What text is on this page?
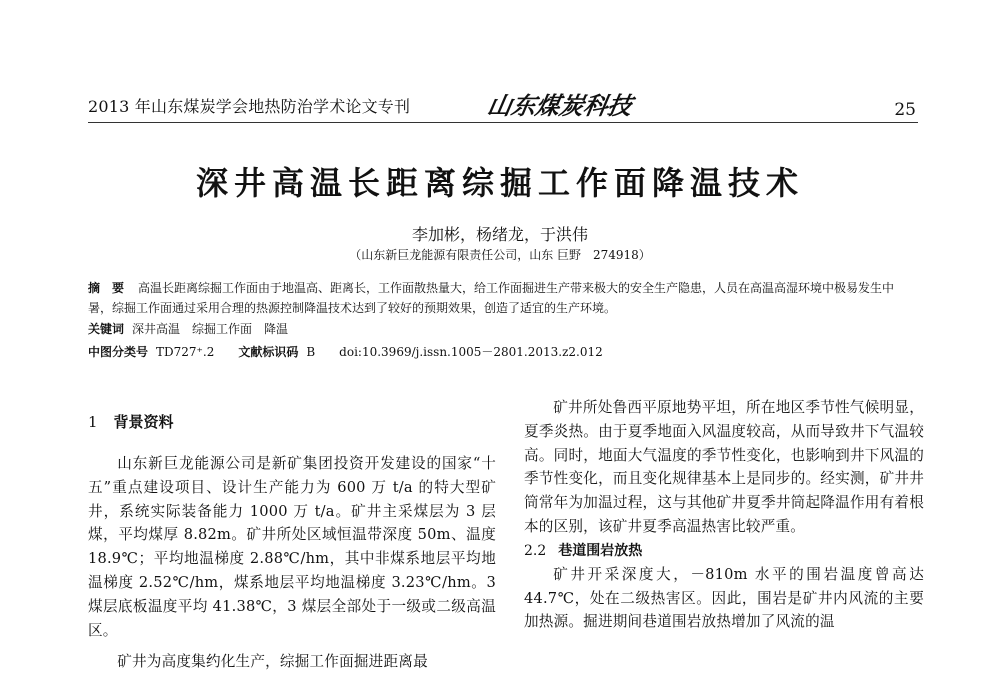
2013 年山东煤炭学会地热防治学术论文专刊	山东煤炭科技	25
深井高温长距离综掘工作面降温技术
李加彬，杨绪龙，于洪伟
（山东新巨龙能源有限责任公司，山东 巨野　274918）
摘　要 高温长距离综掘工作面由于地温高、距离长，工作面散热量大，给工作面掘进生产带来极大的安全生产隐患，人员在高温高湿环境中极易发生中暑，综掘工作面通过采用合理的热源控制降温技术达到了较好的预期效果，创造了适宜的生产环境。
关键词 深井高温　综掘工作面　降温
中图分类号 TD727⁺.2 文献标识码 B doi:10.3969/j.issn.1005－2801.2013.z2.012
1 背景资料

山东新巨龙能源公司是新矿集团投资开发建设的国家“十五”重点建设项目、设计生产能力为 600 万 t/a 的特大型矿井，系统实际装备能力 1000 万 t/a。矿井主采煤层为 3 层煤，平均煤厚 8.82m。矿井所处区域恒温带深度 50m、温度 18.9℃；平均地温梯度 2.88℃/hm，其中非煤系地层平均地温梯度 2.52℃/hm，煤系地层平均地温梯度 3.23℃/hm。3 煤层底板温度平均 41.38℃，3 煤层全部处于一级或二级高温区。

矿井为高度集约化生产，综掘工作面掘进距离最

矿井所处鲁西平原地势平坦，所在地区季节性气候明显，夏季炎热。由于夏季地面入风温度较高，从而导致井下气温较高。同时，地面大气温度的季节性变化，也影响到井下风温的季节性变化，而且变化规律基本上是同步的。经实测，矿井井筒常年为加温过程，这与其他矿井夏季井筒起降温作用有着根本的区别，该矿井夏季高温热害比较严重。

2.2 巷道围岩放热

矿井开采深度大，－810m 水平的围岩温度曾高达 44.7℃，处在二级热害区。因此，围岩是矿井内风流的主要加热源。掘进期间巷道围岩放热增加了风流的温
